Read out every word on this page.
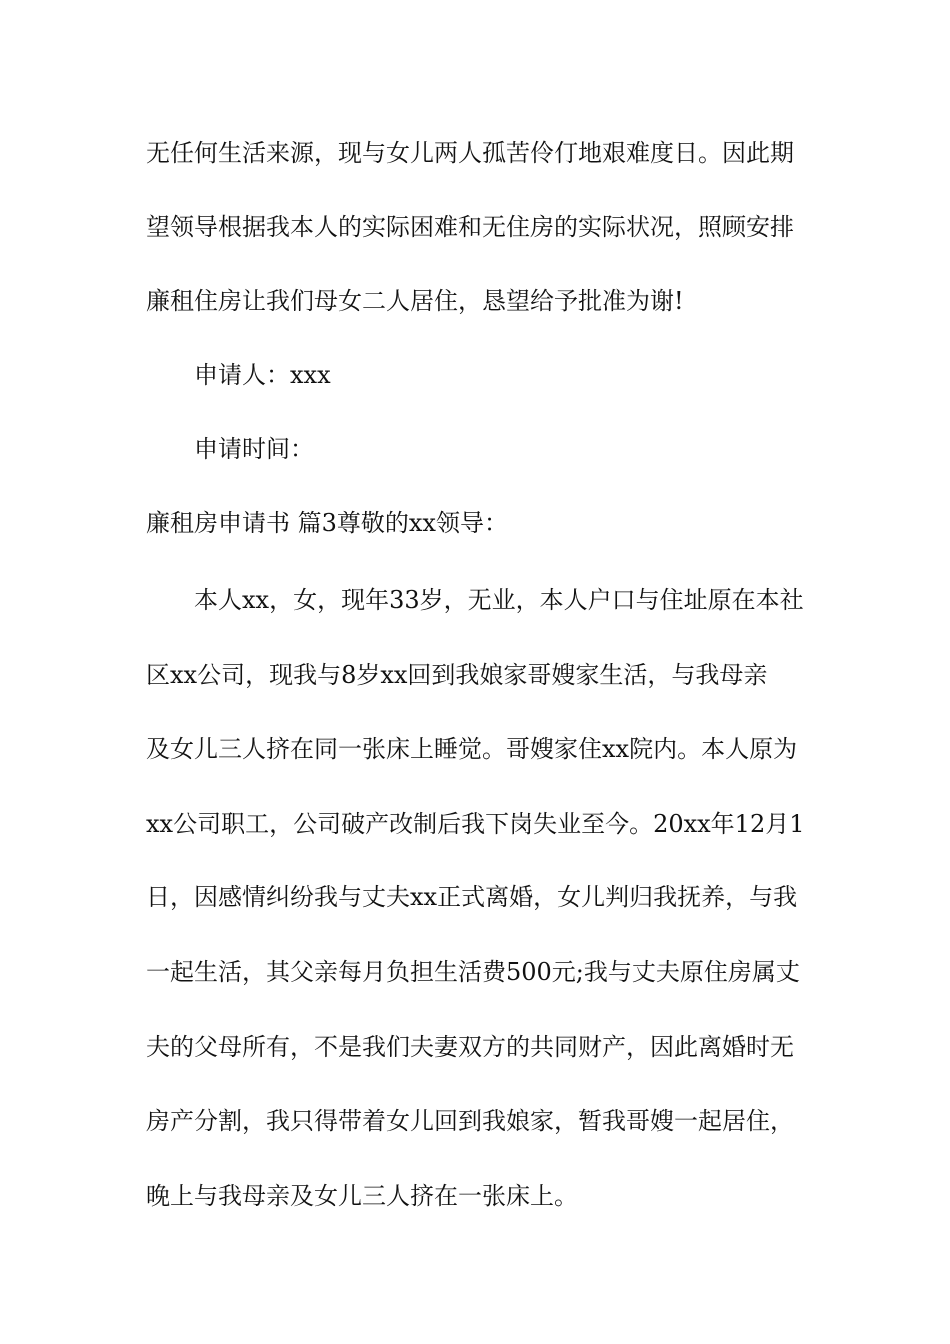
无任何生活来源，现与女儿两人孤苦伶仃地艰难度日。因此期
望领导根据我本人的实际困难和无住房的实际状况，照顾安排
廉租住房让我们母女二人居住，恳望给予批准为谢!
申请人：xxx
申请时间：
廉租房申请书 篇3尊敬的xx领导：
本人xx，女，现年33岁，无业，本人户口与住址原在本社
区xx公司，现我与8岁xx回到我娘家哥嫂家生活，与我母亲
及女儿三人挤在同一张床上睡觉。哥嫂家住xx院内。本人原为
xx公司职工，公司破产改制后我下岗失业至今。20xx年12月1
日，因感情纠纷我与丈夫xx正式离婚，女儿判归我抚养，与我
一起生活，其父亲每月负担生活费500元;我与丈夫原住房属丈
夫的父母所有，不是我们夫妻双方的共同财产，因此离婚时无
房产分割，我只得带着女儿回到我娘家，暂我哥嫂一起居住，
晚上与我母亲及女儿三人挤在一张床上。
